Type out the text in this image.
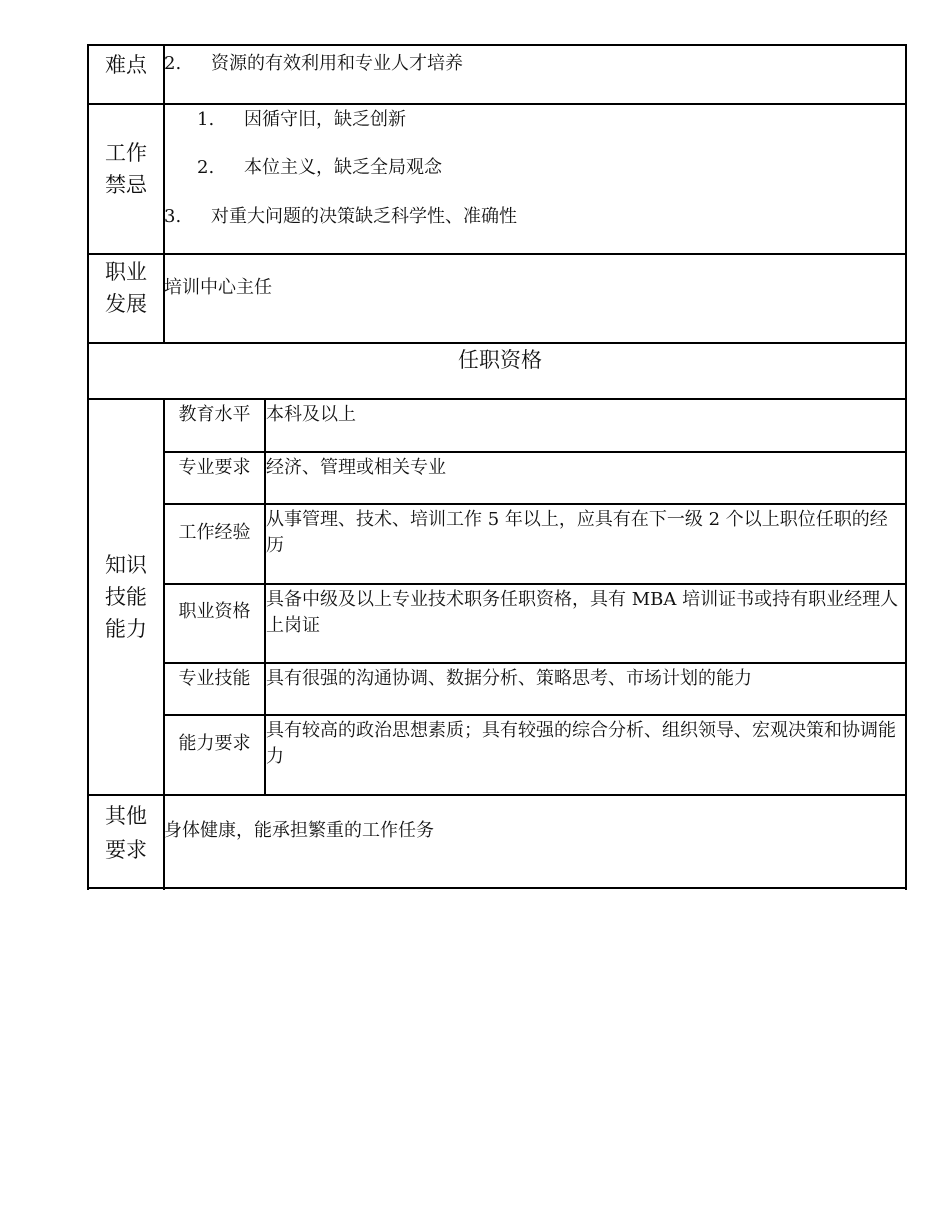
难点 2. 资源的有效利用和专业人才培养
工作
禁忌
1. 因循守旧，缺乏创新
2. 本位主义，缺乏全局观念
3. 对重大问题的决策缺乏科学性、准确性
职业
发展
培训中心主任
任职资格
知识
技能
能力
教育水平 本科及以上
专业要求 经济、管理或相关专业
工作经验
从事管理、技术、培训工作 5 年以上，应具有在下一级 2 个以上职位任职的经历
职业资格
具备中级及以上专业技术职务任职资格，具有 MBA 培训证书或持有职业经理人上岗证
专业技能 具有很强的沟通协调、数据分析、策略思考、市场计划的能力
能力要求
具有较高的政治思想素质；具有较强的综合分析、组织领导、宏观决策和协调能力
其他
要求
身体健康，能承担繁重的工作任务
